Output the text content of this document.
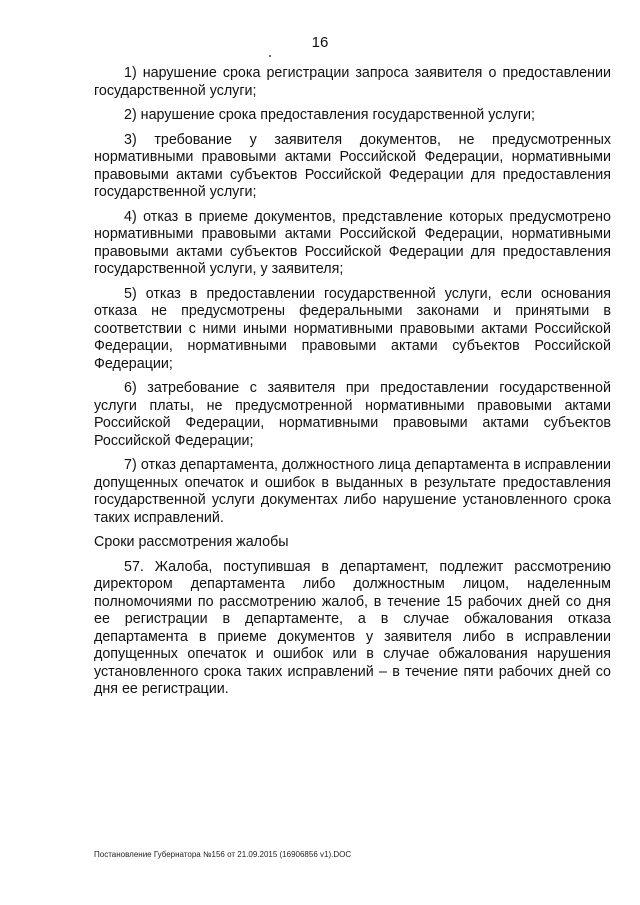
16

1) нарушение срока регистрации запроса заявителя о предоставлении государственной услуги;

2) нарушение срока предоставления государственной услуги;

3) требование у заявителя документов, не предусмотренных нормативными правовыми актами Российской Федерации, нормативными правовыми актами субъектов Российской Федерации для предоставления государственной услуги;

4) отказ в приеме документов, представление которых предусмотрено нормативными правовыми актами Российской Федерации, нормативными правовыми актами субъектов Российской Федерации для предоставления государственной услуги, у заявителя;

5) отказ в предоставлении государственной услуги, если основания отказа не предусмотрены федеральными законами и принятыми в соответствии с ними иными нормативными правовыми актами Российской Федерации, нормативными правовыми актами субъектов Российской Федерации;

6) затребование с заявителя при предоставлении государственной услуги платы, не предусмотренной нормативными правовыми актами Российской Федерации, нормативными правовыми актами субъектов Российской Федерации;

7) отказ департамента, должностного лица департамента в исправлении допущенных опечаток и ошибок в выданных в результате предоставления государственной услуги документах либо нарушение установленного срока таких исправлений.

Сроки рассмотрения жалобы

57. Жалоба, поступившая в департамент, подлежит рассмотрению директором департамента либо должностным лицом, наделенным полномочиями по рассмотрению жалоб, в течение 15 рабочих дней со дня ее регистрации в департаменте, а в случае обжалования отказа департамента в приеме документов у заявителя либо в исправлении допущенных опечаток и ошибок или в случае обжалования нарушения установленного срока таких исправлений – в течение пяти рабочих дней со дня ее регистрации.

Постановление Губернатора №156 от 21.09.2015 (16906856 v1).DOC
